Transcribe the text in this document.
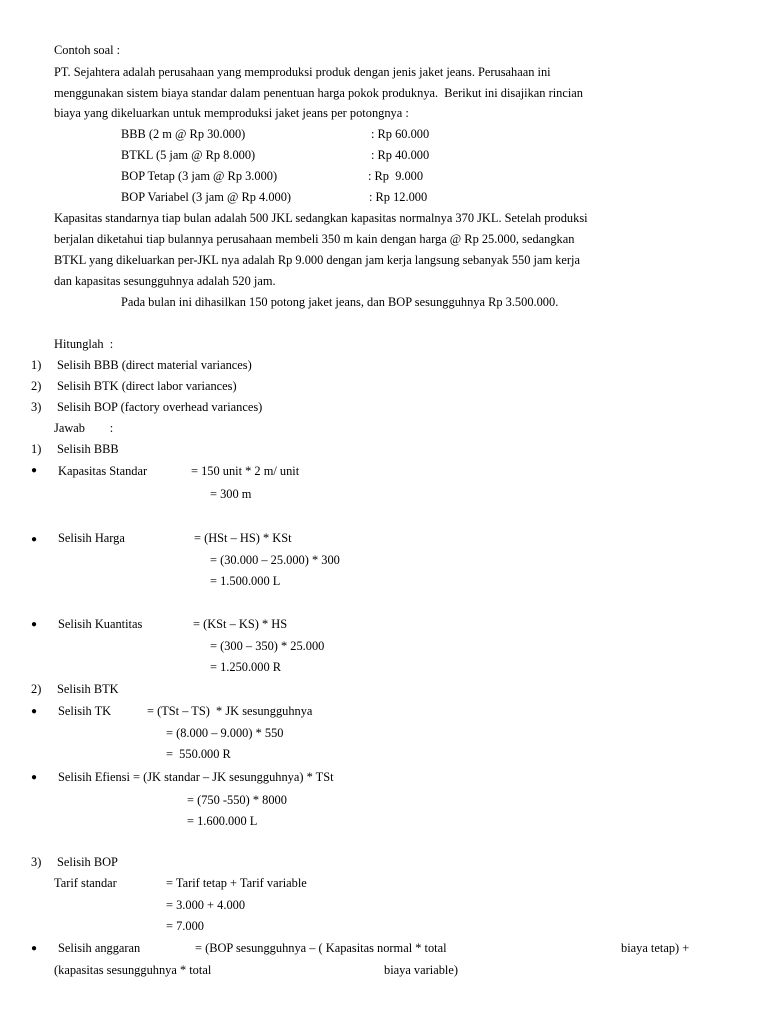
Contoh soal :
PT. Sejahtera adalah perusahaan yang memproduksi produk dengan jenis jaket jeans. Perusahaan ini
menggunakan sistem biaya standar dalam penentuan harga pokok produknya.  Berikut ini disajikan rincian
biaya yang dikeluarkan untuk memproduksi jaket jeans per potongnya :
BBB (2 m @ Rp 30.000)	: Rp 60.000
BTKL (5 jam @ Rp 8.000)	: Rp 40.000
BOP Tetap (3 jam @ Rp 3.000)	: Rp  9.000
BOP Variabel (3 jam @ Rp 4.000)	: Rp 12.000
Kapasitas standarnya tiap bulan adalah 500 JKL sedangkan kapasitas normalnya 370 JKL. Setelah produksi
berjalan diketahui tiap bulannya perusahaan membeli 350 m kain dengan harga @ Rp 25.000, sedangkan
BTKL yang dikeluarkan per-JKL nya adalah Rp 9.000 dengan jam kerja langsung sebanyak 550 jam kerja
dan kapasitas sesungguhnya adalah 520 jam.
Pada bulan ini dihasilkan 150 potong jaket jeans, dan BOP sesungguhnya Rp 3.500.000.
Hitunglah  :
1) Selisih BBB (direct material variances)
2) Selisih BTK (direct labor variances)
3) Selisih BOP (factory overhead variances)
Jawab        :
1) Selisih BBB
● Kapasitas Standar	= 150 unit * 2 m/ unit
= 300 m
● Selisih Harga	= (HSt – HS) * KSt
= (30.000 – 25.000) * 300
= 1.500.000 L
● Selisih Kuantitas	= (KSt – KS) * HS
= (300 – 350) * 25.000
= 1.250.000 R
2) Selisih BTK
● Selisih TK	= (TSt – TS)  * JK sesungguhnya
= (8.000 – 9.000) * 550
=  550.000 R
● Selisih Efiensi = (JK standar – JK sesungguhnya) * TSt
= (750 -550) * 8000
= 1.600.000 L
3) Selisih BOP
Tarif standar	= Tarif tetap + Tarif variable
= 3.000 + 4.000
= 7.000
● Selisih anggaran	= (BOP sesungguhnya – ( Kapasitas normal * total	biaya tetap) +
(kapasitas sesungguhnya * total	biaya variable)
